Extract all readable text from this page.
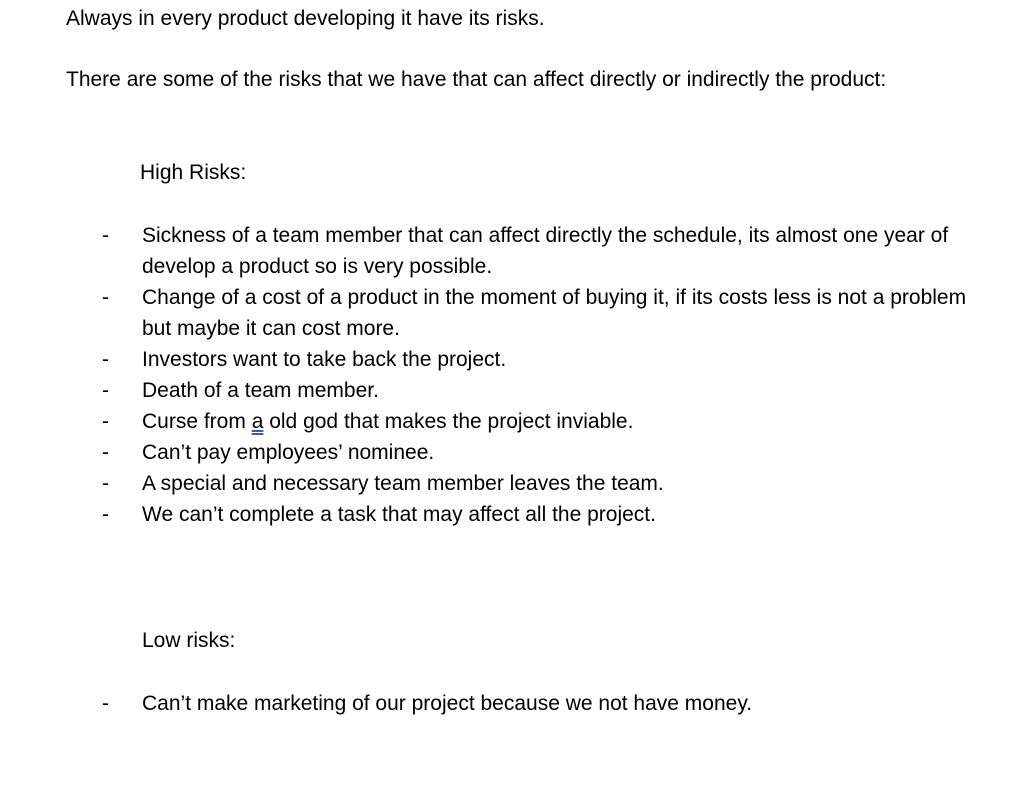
Always in every product developing it have its risks.

There are some of the risks that we have that can affect directly or indirectly the product:

High Risks:

- Sickness of a team member that can affect directly the schedule, its almost one year of develop a product so is very possible.
- Change of a cost of a product in the moment of buying it, if its costs less is not a problem but maybe it can cost more.
- Investors want to take back the project.
- Death of a team member.
- Curse from a old god that makes the project inviable.
- Can’t pay employees’ nominee.
- A special and necessary team member leaves the team.
- We can’t complete a task that may affect all the project.

Low risks:

- Can’t make marketing of our project because we not have money.
